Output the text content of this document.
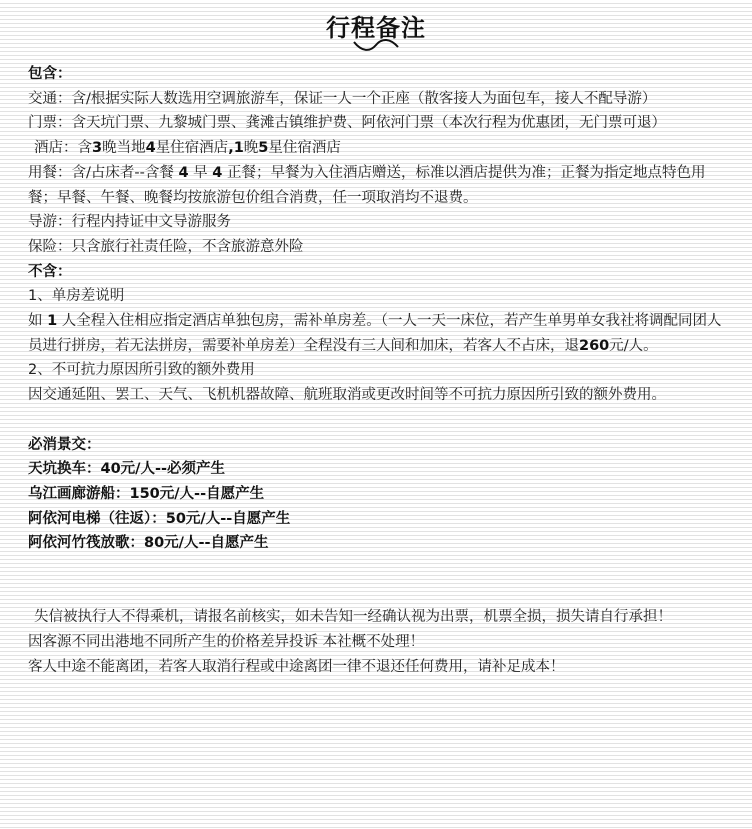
行程备注
包含：
交通：含/根据实际人数选用空调旅游车，保证一人一个正座（散客接人为面包车，接人不配导游）
门票：含天坑门票、九黎城门票、龚滩古镇维护费、阿依河门票（本次行程为优惠团，无门票可退）
酒店：含3晚当地4星住宿酒店,1晚5星住宿酒店
用餐：含/占床者--含餐 4 早 4 正餐；早餐为入住酒店赠送，标准以酒店提供为准；正餐为指定地点特色用餐；早餐、午餐、晚餐均按旅游包价组合消费，任一项取消均不退费。
导游：行程内持证中文导游服务
保险：只含旅行社责任险，不含旅游意外险
不含：
1、单房差说明
如 1 人全程入住相应指定酒店单独包房，需补单房差。（一人一天一床位，若产生单男单女我社将调配同团人员进行拼房，若无法拼房，需要补单房差）全程没有三人间和加床，若客人不占床，退260元/人。
2、不可抗力原因所引致的额外费用
因交通延阻、罢工、天气、飞机机器故障、航班取消或更改时间等不可抗力原因所引致的额外费用。
必消景交：
天坑换车：40元/人--必须产生
乌江画廊游船：150元/人--自愿产生
阿依河电梯（往返）：50元/人--自愿产生
阿依河竹筏放歌：80元/人--自愿产生
失信被执行人不得乘机，请报名前核实，如未告知一经确认视为出票，机票全损，损失请自行承担！
因客源不同出港地不同所产生的价格差异投诉 本社概不处理！
客人中途不能离团，若客人取消行程或中途离团一律不退还任何费用，请补足成本！
